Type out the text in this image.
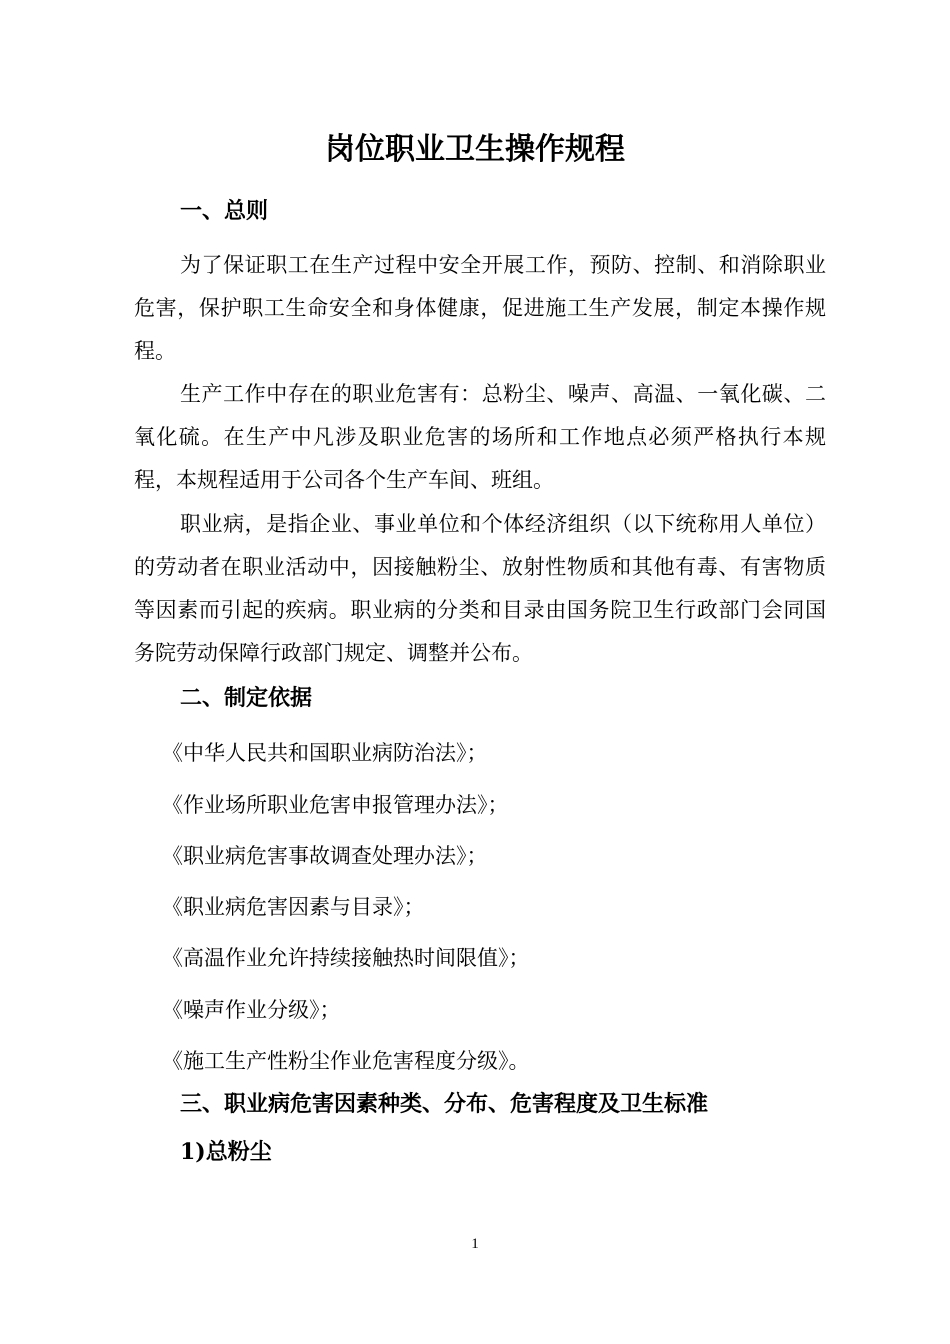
岗位职业卫生操作规程
一、总则

为了保证职工在生产过程中安全开展工作，预防、控制、和消除职业危害，保护职工生命安全和身体健康，促进施工生产发展，制定本操作规程。

生产工作中存在的职业危害有：总粉尘、噪声、高温、一氧化碳、二氧化硫。在生产中凡涉及职业危害的场所和工作地点必须严格执行本规程，本规程适用于公司各个生产车间、班组。

职业病，是指企业、事业单位和个体经济组织（以下统称用人单位）的劳动者在职业活动中，因接触粉尘、放射性物质和其他有毒、有害物质等因素而引起的疾病。职业病的分类和目录由国务院卫生行政部门会同国务院劳动保障行政部门规定、调整并公布。

二、制定依据

《中华人民共和国职业病防治法》；

《作业场所职业危害申报管理办法》；

《职业病危害事故调查处理办法》；

《职业病危害因素与目录》；

《高温作业允许持续接触热时间限值》；

《噪声作业分级》；

《施工生产性粉尘作业危害程度分级》。

三、职业病危害因素种类、分布、危害程度及卫生标准
1)总粉尘
1
